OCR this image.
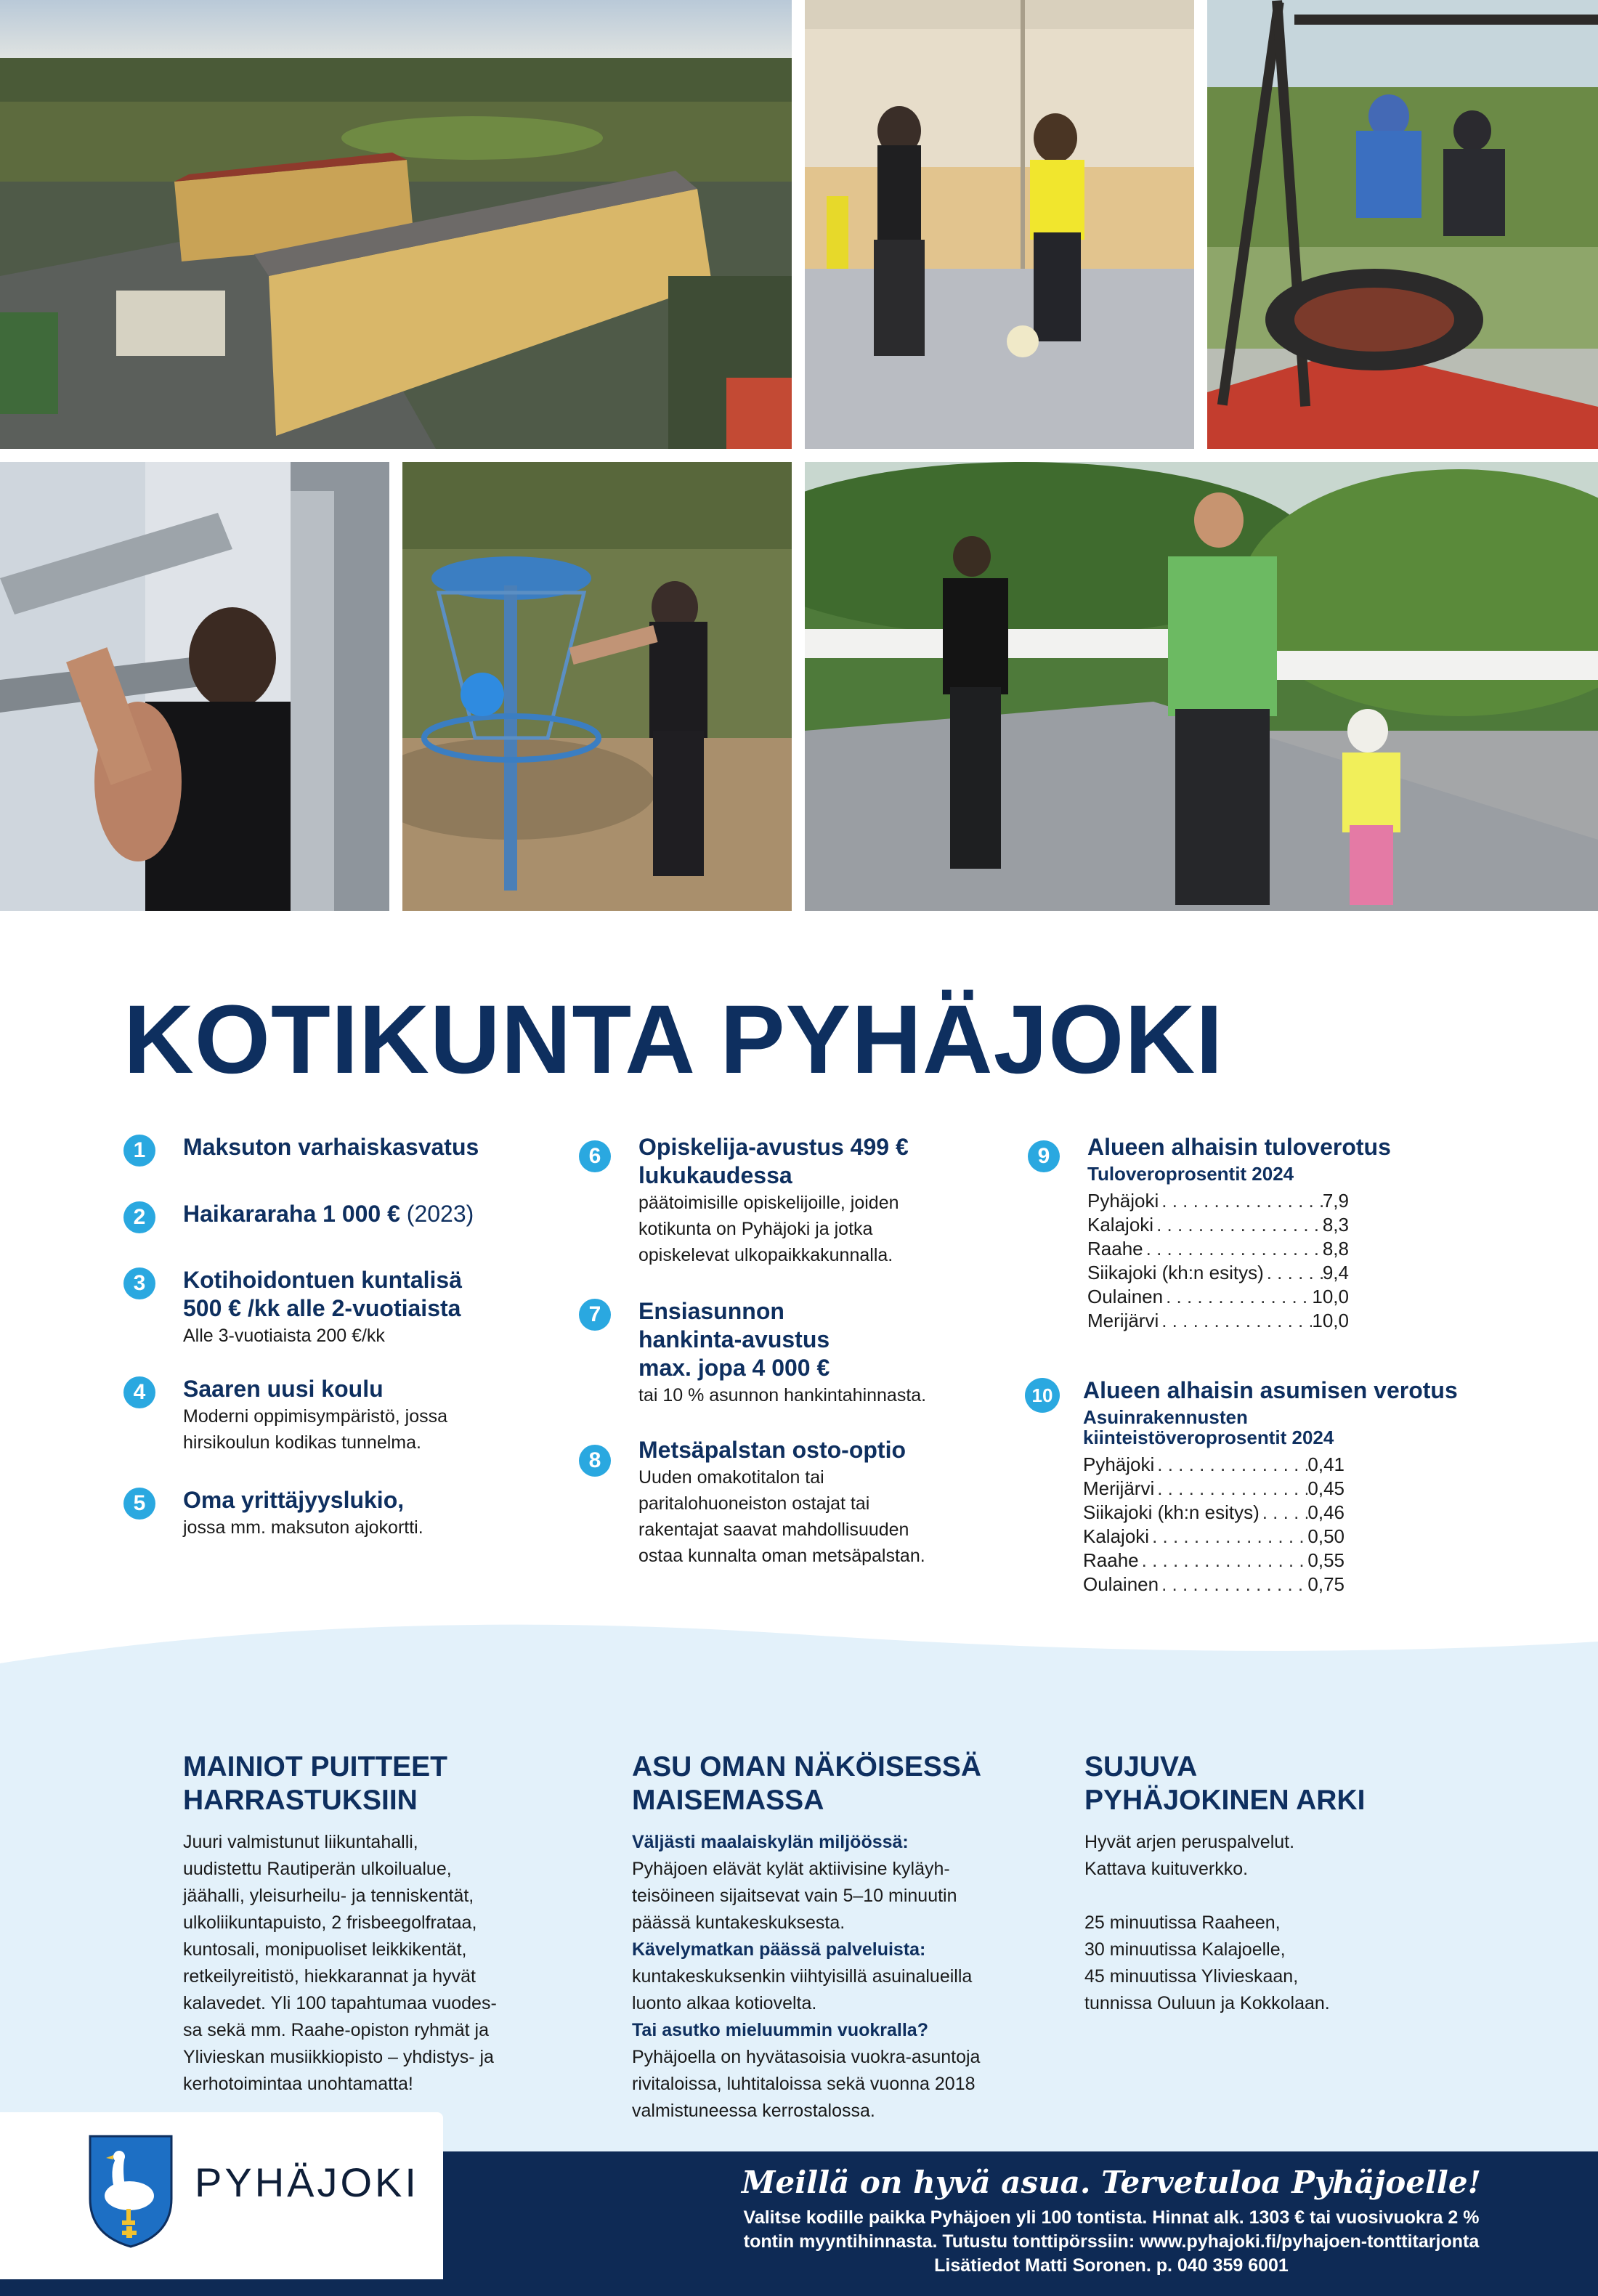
KOTIKUNTA PYHÄJOKI
1	Maksuton varhaiskasvatus
2	Haikararaha 1 000 € (2023)
3	Kotihoidontuen kuntalisä
500 € /kk alle 2-vuotiaista
Alle 3-vuotiaista 200 €/kk
4	Saaren uusi koulu
Moderni oppimisympäristö, jossa
hirsikoulun kodikas tunnelma.
5	Oma yrittäjyyslukio,
jossa mm. maksuton ajokortti.
6	Opiskelija-avustus 499 €
lukukaudessa
päätoimisille opiskelijoille, joiden
kotikunta on Pyhäjoki ja jotka
opiskelevat ulkopaikkakunnalla.
7	Ensiasunnon
hankinta-avustus
max. jopa 4 000 €
tai 10 % asunnon hankintahinnasta.
8	Metsäpalstan osto-optio
Uuden omakotitalon tai
paritalohuoneiston ostajat tai
rakentajat saavat mahdollisuuden
ostaa kunnalta oman metsäpalstan.
9	Alueen alhaisin tuloverotus
Tuloveroprosentit 2024
Pyhäjoki . . .	7,9
Kalajoki . . .	8,3
Raahe . . .	8,8
Siikajoki (kh:n esitys) . . .	9,4
Oulainen . . .	10,0
Merijärvi . . .	10,0
10 Alueen alhaisin asumisen verotus
Asuinrakennusten
kiinteistöveroprosentit 2024
Pyhäjoki . . .	0,41
Merijärvi . . .	0,45
Siikajoki (kh:n esitys) . . .	0,46
Kalajoki . . .	0,50
Raahe . . .	0,55
Oulainen . . .	0,75
MAINIOT PUITTEET
HARRASTUKSIIN

Juuri valmistunut liikuntahalli,

uudistettu Rautiperän ulkoilualue,

jäähalli, yleisurheilu- ja tenniskentät,

ulkoliikuntapuisto, 2 frisbeegolfrataa,

kuntosali, monipuoliset leikkikentät,

retkeilyreitistö, hiekkarannat ja hyvät

kalavedet. Yli 100 tapahtumaa vuodes-

sa sekä mm. Raahe-opiston ryhmät ja

Ylivieskan musiikkiopisto – yhdistys- ja

kerhotoimintaa unohtamatta!

ASU OMAN NÄKÖISESSÄ
MAISEMASSA

Väljästi maalaiskylän miljöössä:

Pyhäjoen elävät kylät aktiivisine kyläyh-

teisöineen sijaitsevat vain 5–10 minuutin

päässä kuntakeskuksesta.

Kävelymatkan päässä palveluista:

kuntakeskuksenkin viihtyisillä asuinalueilla

luonto alkaa kotiovelta.

Tai asutko mieluummin vuokralla?

Pyhäjoella on hyvätasoisia vuokra-asuntoja

rivitaloissa, luhtitaloissa sekä vuonna 2018

valmistuneessa kerrostalossa.

SUJUVA
PYHÄJOKINEN ARKI

Hyvät arjen peruspalvelut.

Kattava kuituverkko.

25 minuutissa Raaheen,

30 minuutissa Kalajoelle,

45 minuutissa Ylivieskaan,

tunnissa Ouluun ja Kokkolaan.

Meillä on hyvä asua. Tervetuloa Pyhäjoelle!
Valitse kodille paikka Pyhäjoen yli 100 tontista. Hinnat alk. 1303 € tai vuosivuokra 2 %
tontin myyntihinnasta. Tutustu tonttipörssiin: www.pyhajoki.fi/pyhajoen-tonttitarjonta
Lisätiedot Matti Soronen. p. 040 359 6001
PYHÄJOKI
